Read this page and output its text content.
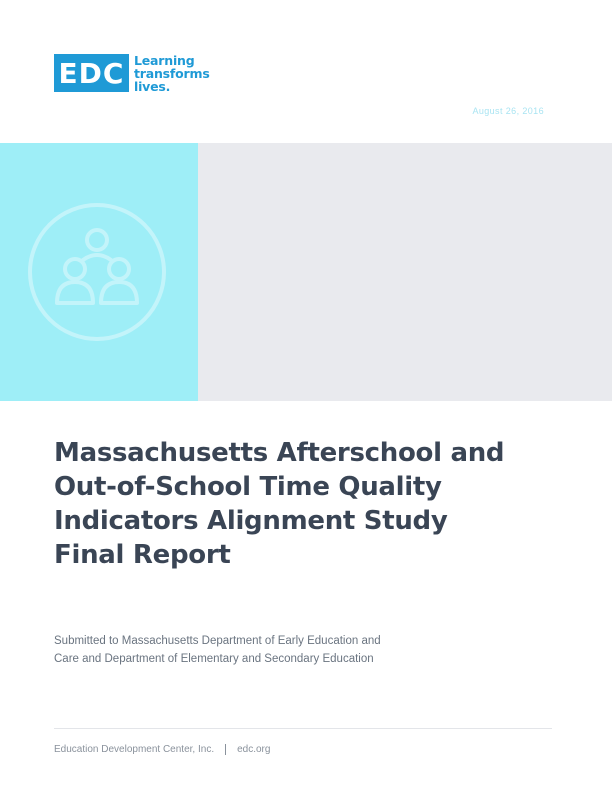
EDC Learning
transforms
lives.
August 26, 2016
Massachusetts Afterschool and
Out-of-School Time Quality
Indicators Alignment Study
Final Report
Submitted to Massachusetts Department of Early Education and
Care and Department of Elementary and Secondary Education
Education Development Center, Inc. edc.org
